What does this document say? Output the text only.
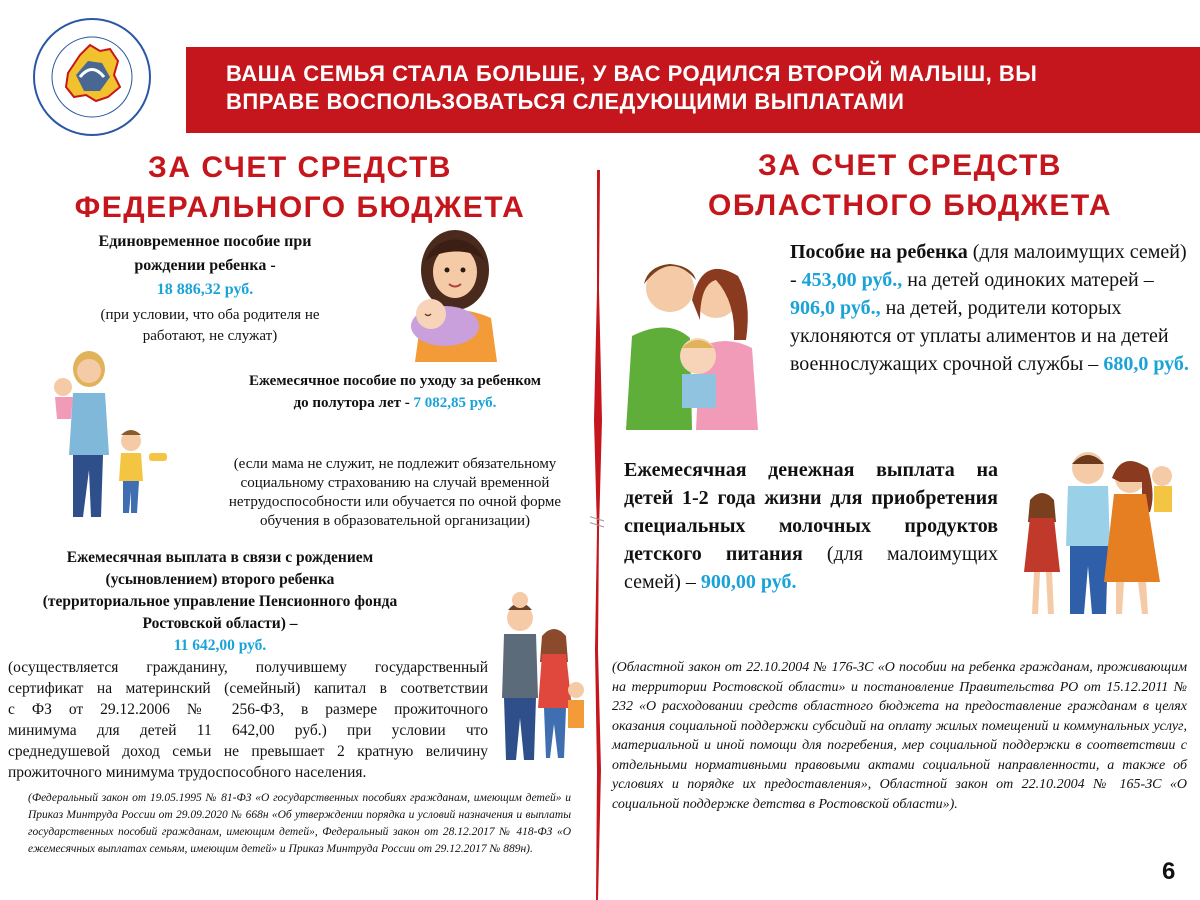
ВАША СЕМЬЯ СТАЛА БОЛЬШЕ, У ВАС РОДИЛСЯ ВТОРОЙ МАЛЫШ, ВЫ
ВПРАВЕ ВОСПОЛЬЗОВАТЬСЯ СЛЕДУЮЩИМИ ВЫПЛАТАМИ
ЗА СЧЕТ СРЕДСТВ
ФЕДЕРАЛЬНОГО БЮДЖЕТА
ЗА СЧЕТ СРЕДСТВ
ОБЛАСТНОГО БЮДЖЕТА
Единовременное пособие при
рождении ребенка -
18 886,32 руб.
(при условии, что оба родителя не
работают, не служат)
Ежемесячное пособие по уходу за ребенком
до полутора лет - 7 082,85 руб.
(если мама не служит, не подлежит обязательному
социальному страхованию на случай временной
нетрудоспособности или обучается по очной форме
обучения в образовательной организации)
Ежемесячная выплата в связи с рождением
(усыновлением) второго ребенка
(территориальное управление Пенсионного фонда
Ростовской области) –
11 642,00 руб.
(осуществляется гражданину, получившему государственный
сертификат на материнский (семейный) капитал в соответствии
с ФЗ от 29.12.2006 № 256-ФЗ, в размере прожиточного
минимума для детей 11 642,00 руб.) при условии что
среднедушевой доход семьи не превышает 2 кратную величину
прожиточного минимума трудоспособного населения.
(Федеральный закон от 19.05.1995 № 81-ФЗ «О государственных пособиях гражданам, имеющим детей» и Приказ Минтруда России от 29.09.2020 № 668н «Об утверждении порядка и условий назначения и выплаты государственных пособий гражданам, имеющим детей», Федеральный закон от 28.12.2017 № 418-ФЗ «О ежемесячных выплатах семьям, имеющим детей» и Приказ Минтруда России от 29.12.2017 № 889н).
Пособие на ребенка (для малоимущих семей) - 453,00 руб., на детей одиноких матерей – 906,0 руб., на детей, родители которых уклоняются от уплаты алиментов и на детей военнослужащих срочной службы – 680,0 руб.
Ежемесячная денежная выплата на детей 1-2 года жизни для приобретения специальных молочных продуктов детского питания (для малоимущих семей) – 900,00 руб.
(Областной закон от 22.10.2004 № 176-ЗС «О пособии на ребенка гражданам, проживающим на территории Ростовской области» и постановление Правительства РО от 15.12.2011 № 232 «О расходовании средств областного бюджета на предоставление гражданам в целях оказания социальной поддержки субсидий на оплату жилых помещений и коммунальных услуг, материальной и иной помощи для погребения, мер социальной поддержки в соответствии с отдельными нормативными правовыми актами социальной направленности, а также об условиях и порядке их предоставления», Областной закон от 22.10.2004 № 165-ЗС «О социальной поддержке детства в Ростовской области»).
6
